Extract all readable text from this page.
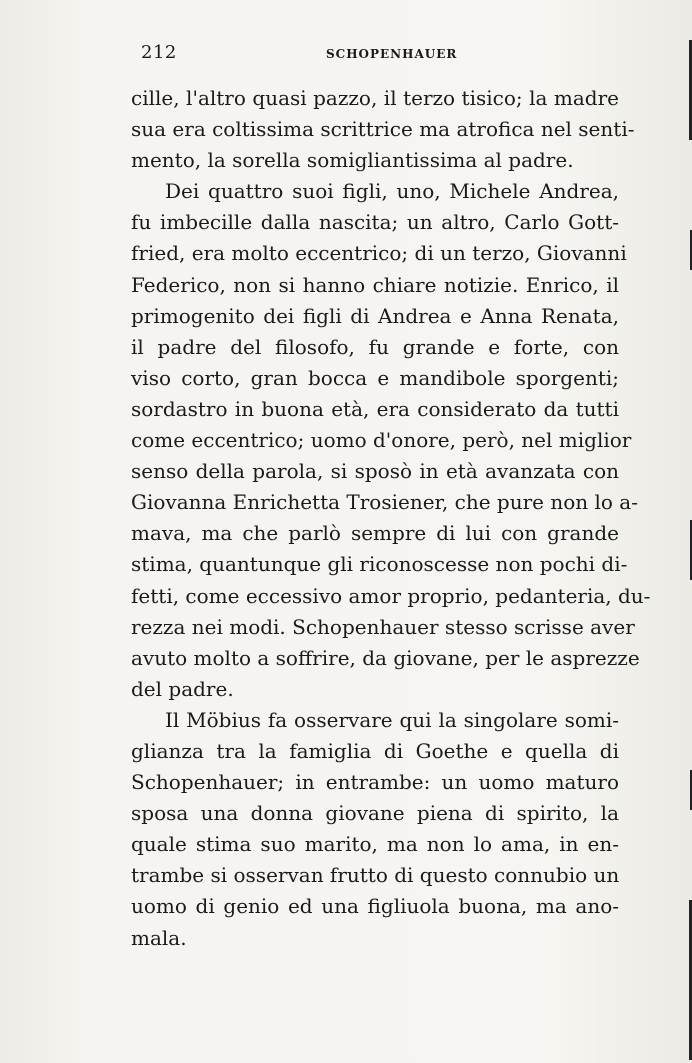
212	SCHOPENHAUER
cille, l'altro quasi pazzo, il terzo tisico; la madre
sua era coltissima scrittrice ma atrofica nel senti-
mento, la sorella somigliantissima al padre.
Dei quattro suoi figli, uno, Michele Andrea,
fu imbecille dalla nascita; un altro, Carlo Gott-
fried, era molto eccentrico; di un terzo, Giovanni
Federico, non si hanno chiare notizie. Enrico, il
primogenito dei figli di Andrea e Anna Renata,
il padre del filosofo, fu grande e forte, con
viso corto, gran bocca e mandibole sporgenti;
sordastro in buona età, era considerato da tutti
come eccentrico; uomo d'onore, però, nel miglior
senso della parola, si sposò in età avanzata con
Giovanna Enrichetta Trosiener, che pure non lo a-
mava, ma che parlò sempre di lui con grande
stima, quantunque gli riconoscesse non pochi di-
fetti, come eccessivo amor proprio, pedanteria, du-
rezza nei modi. Schopenhauer stesso scrisse aver
avuto molto a soffrire, da giovane, per le asprezze
del padre.
Il Möbius fa osservare qui la singolare somi-
glianza tra la famiglia di Goethe e quella di
Schopenhauer; in entrambe: un uomo maturo
sposa una donna giovane piena di spirito, la
quale stima suo marito, ma non lo ama, in en-
trambe si osservan frutto di questo connubio un
uomo di genio ed una figliuola buona, ma ano-
mala.
